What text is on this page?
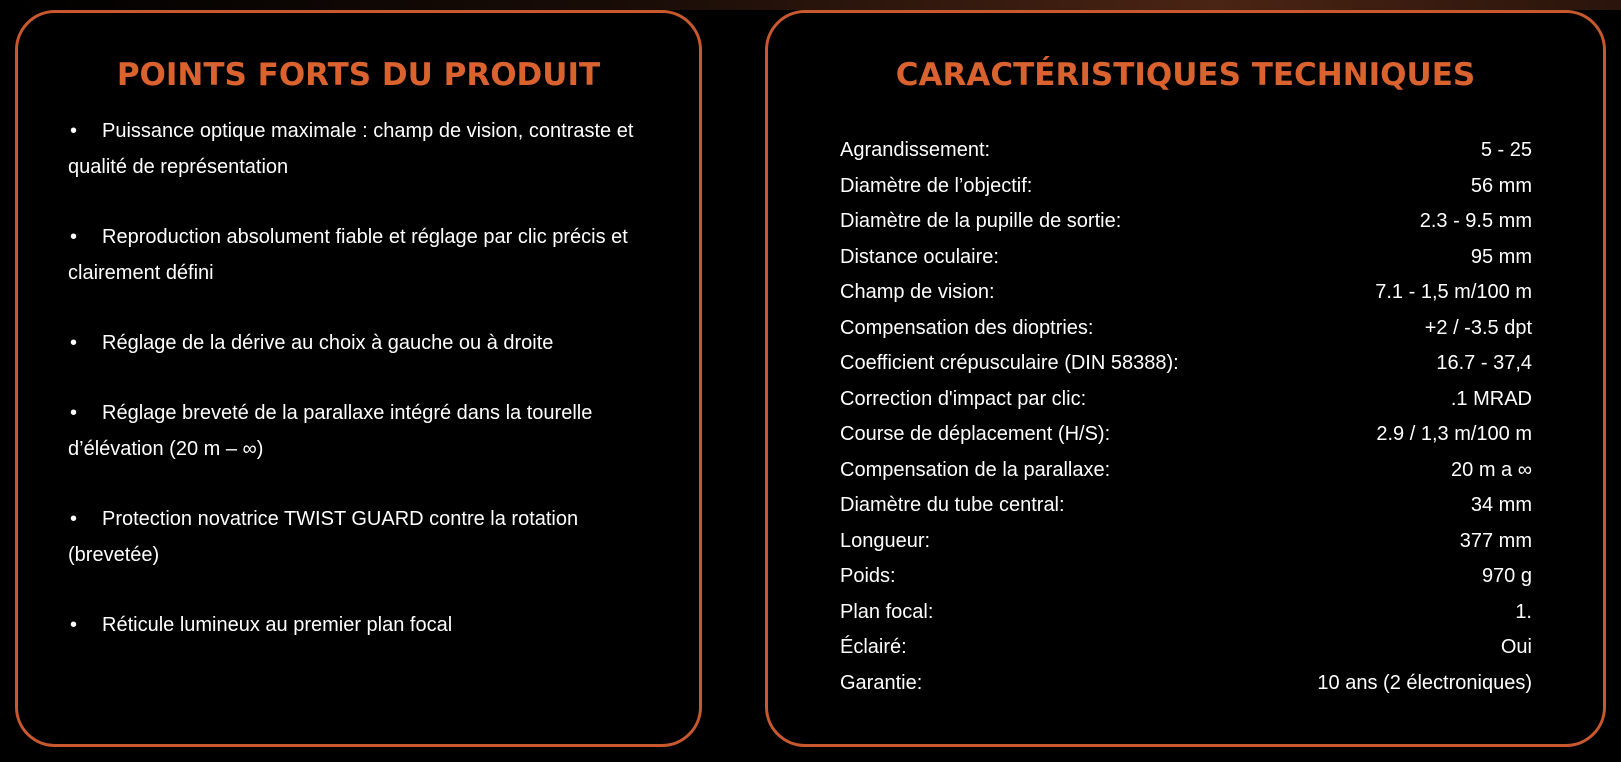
POINTS FORTS DU PRODUIT
• Puissance optique maximale : champ de vision, contraste et qualité de représentation
• Reproduction absolument fiable et réglage par clic précis et clairement défini
• Réglage de la dérive au choix à gauche ou à droite
• Réglage breveté de la parallaxe intégré dans la tourelle d’élévation (20 m – ∞)
• Protection novatrice TWIST GUARD contre la rotation (brevetée)
• Réticule lumineux au premier plan focal
CARACTÉRISTIQUES TECHNIQUES
Agrandissement:	5 - 25
Diamètre de l’objectif:	56 mm
Diamètre de la pupille de sortie:	2.3 - 9.5 mm
Distance oculaire:	95 mm
Champ de vision:	7.1 - 1,5 m/100 m
Compensation des dioptries:	+2 / -3.5 dpt
Coefficient crépusculaire (DIN 58388):	16.7 - 37,4
Correction d'impact par clic:	.1 MRAD
Course de déplacement (H/S):	2.9 / 1,3 m/100 m
Compensation de la parallaxe:	20 m a ∞
Diamètre du tube central:	34 mm
Longueur:	377 mm
Poids:	970 g
Plan focal:	1.
Éclairé:	Oui
Garantie:	10 ans (2 électroniques)
